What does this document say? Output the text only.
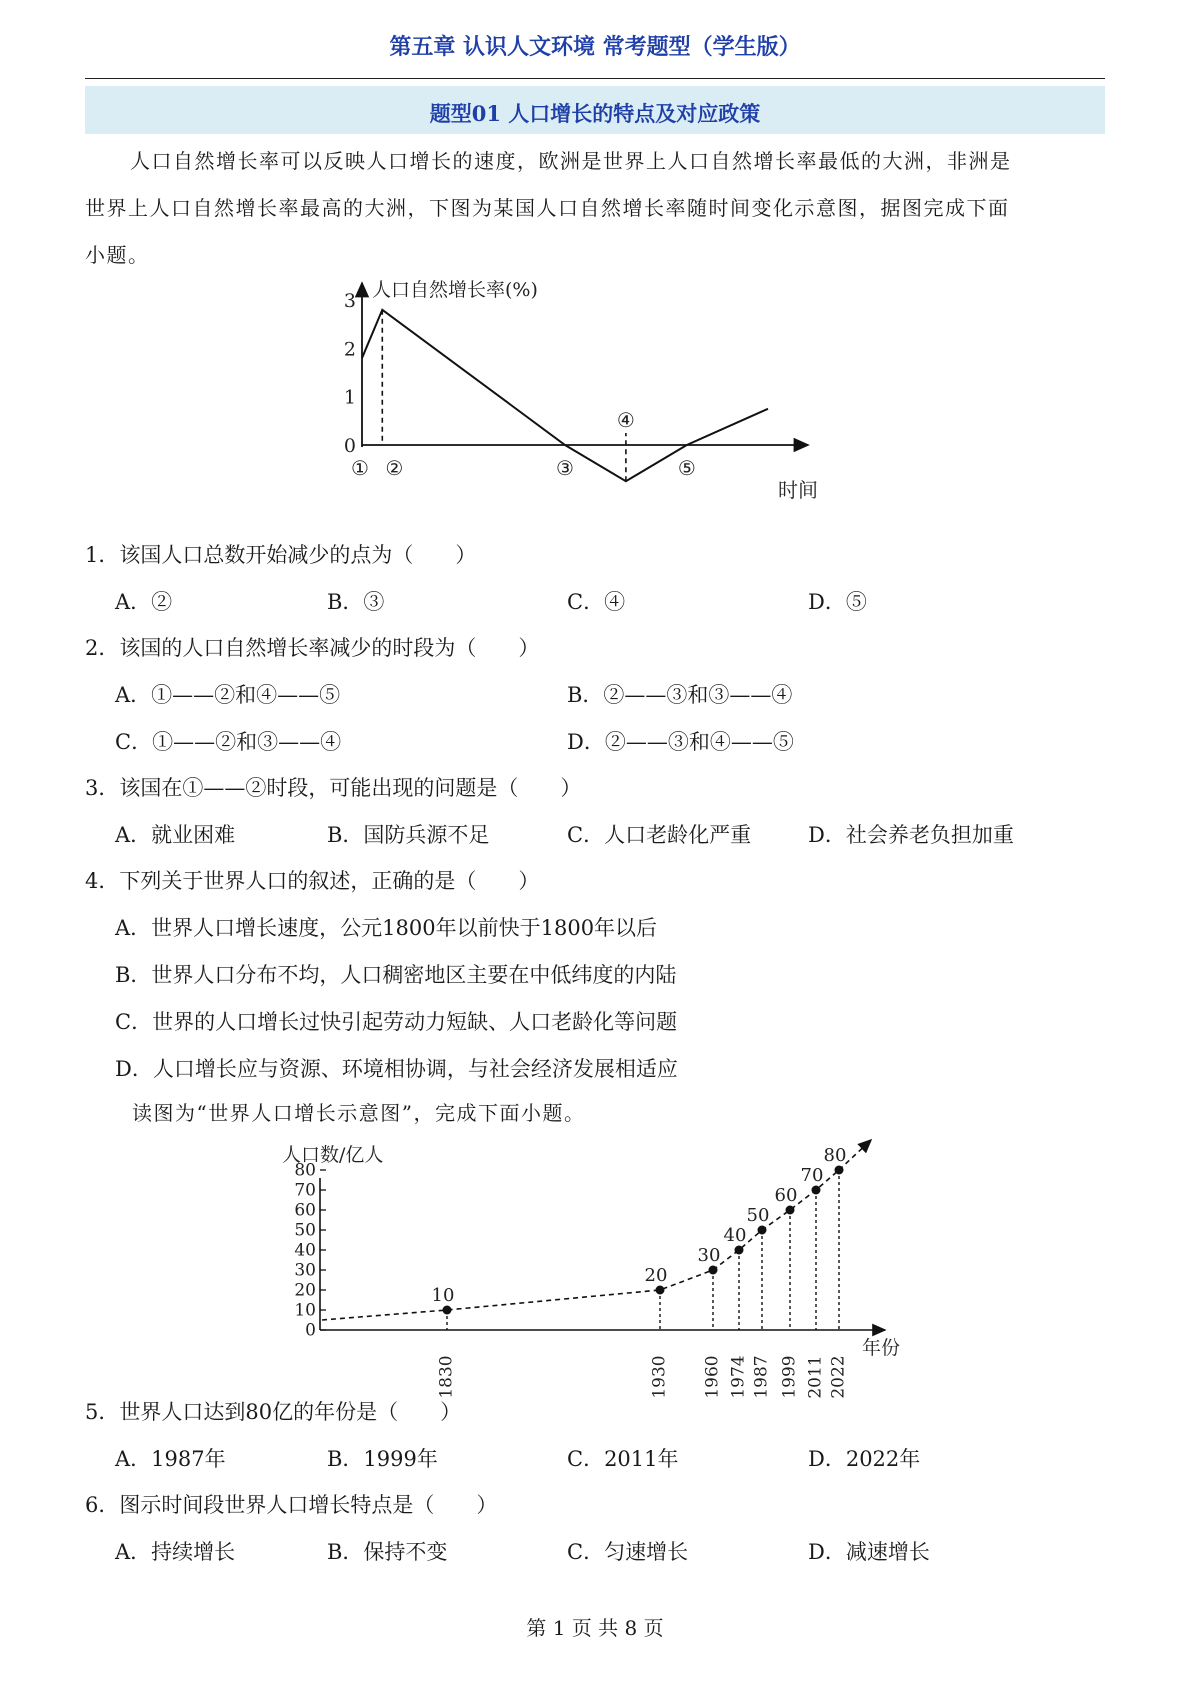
第五章 认识人文环境 常考题型（学生版）
题型01 人口增长的特点及对应政策
人口自然增长率可以反映人口增长的速度，欧洲是世界上人口自然增长率最低的大洲，非洲是
世界上人口自然增长率最高的大洲，下图为某国人口自然增长率随时间变化示意图，据图完成下面
小题。
人口自然增长率(%)
时间
0
1
2
3
① ②	③
④
⑤
1．该国人口总数开始减少的点为（　　）
A．②	B．③	C．④	D．⑤
2．该国的人口自然增长率减少的时段为（　　）
A．①——②和④——⑤	B．②——③和③——④
C．①——②和③——④	D．②——③和④——⑤
3．该国在①——②时段，可能出现的问题是（　　）
A．就业困难	B．国防兵源不足	C．人口老龄化严重	D．社会养老负担加重
4．下列关于世界人口的叙述，正确的是（　　）
A．世界人口增长速度，公元1800年以前快于1800年以后
B．世界人口分布不均，人口稠密地区主要在中低纬度的内陆
C．世界的人口增长过快引起劳动力短缺、人口老龄化等问题
D．人口增长应与资源、环境相协调，与社会经济发展相适应
读图为“世界人口增长示意图”，完成下面小题。
人口数/亿人
年份
0
10
20
30
40
50
60
70
80
10
1830
20
1930
30
1960
40
1974
50
1987
60
1999
70
2011
80
2022
5．世界人口达到80亿的年份是（　　）
A．1987年	B．1999年	C．2011年	D．2022年
6．图示时间段世界人口增长特点是（　　）
A．持续增长	B．保持不变	C．匀速增长	D．减速增长
第 1 页 共 8 页
